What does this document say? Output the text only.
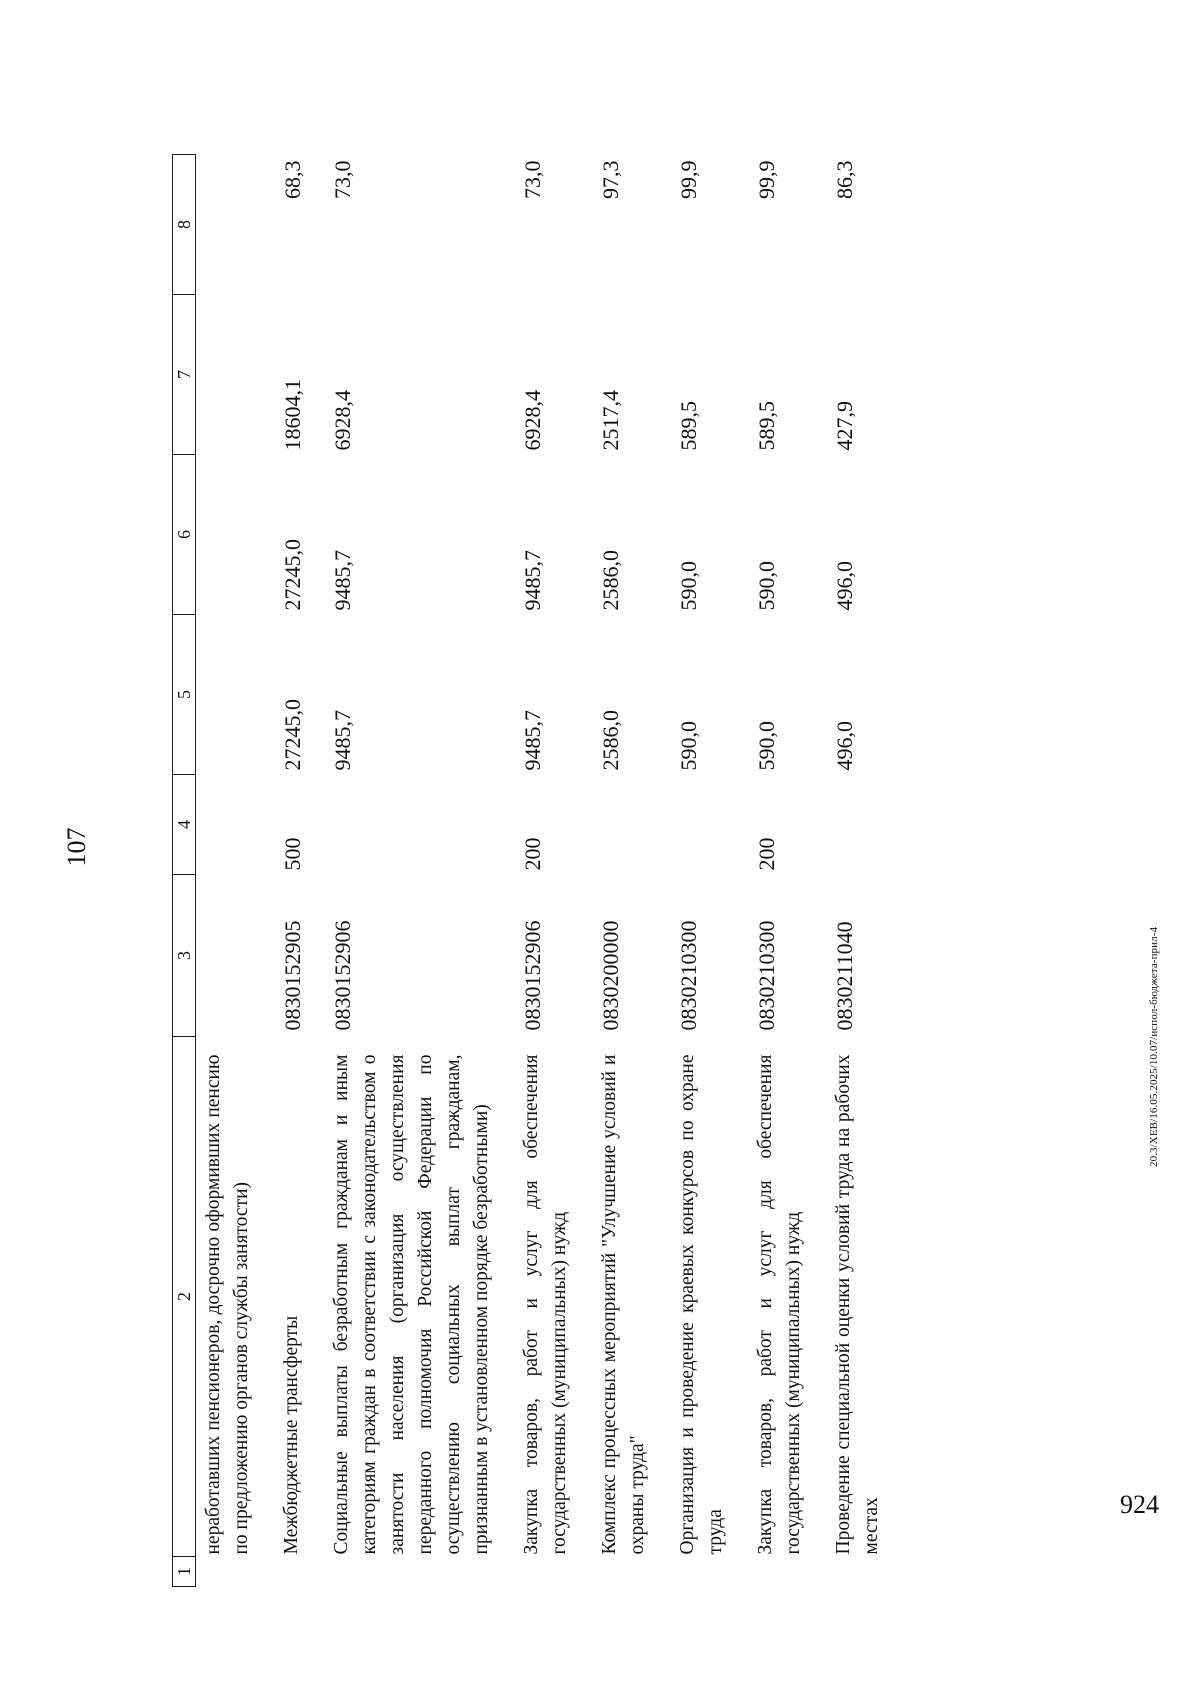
107
1	2	3	4	5	6	7	8
	неработавших пенсионеров, досрочно оформивших пенсию по предложению органов службы занятости)						
	Межбюджетные трансферты	0830152905	500	27245,0	27245,0	18604,1	68,3
	Социальные выплаты безработным гражданам и иным категориям граждан в соответствии с законодательством о занятости населения (организация осуществления переданного полномочия Российской Федерации по осуществлению социальных выплат гражданам, признанным в установленном порядке безработными)	0830152906		9485,7	9485,7	6928,4	73,0
	Закупка товаров, работ и услуг для обеспечения государственных (муниципальных) нужд	0830152906	200	9485,7	9485,7	6928,4	73,0
	Комплекс процессных мероприятий "Улучшение условий и охраны труда"	0830200000		2586,0	2586,0	2517,4	97,3
	Организация и проведение краевых конкурсов по охране труда	0830210300		590,0	590,0	589,5	99,9
	Закупка товаров, работ и услуг для обеспечения государственных (муниципальных) нужд	0830210300	200	590,0	590,0	589,5	99,9
	Проведение специальной оценки условий труда на рабочих местах	0830211040		496,0	496,0	427,9	86,3
20.3/ХЕВ/16.05.2025/10.07/испол-бюджета-прил-4
924
